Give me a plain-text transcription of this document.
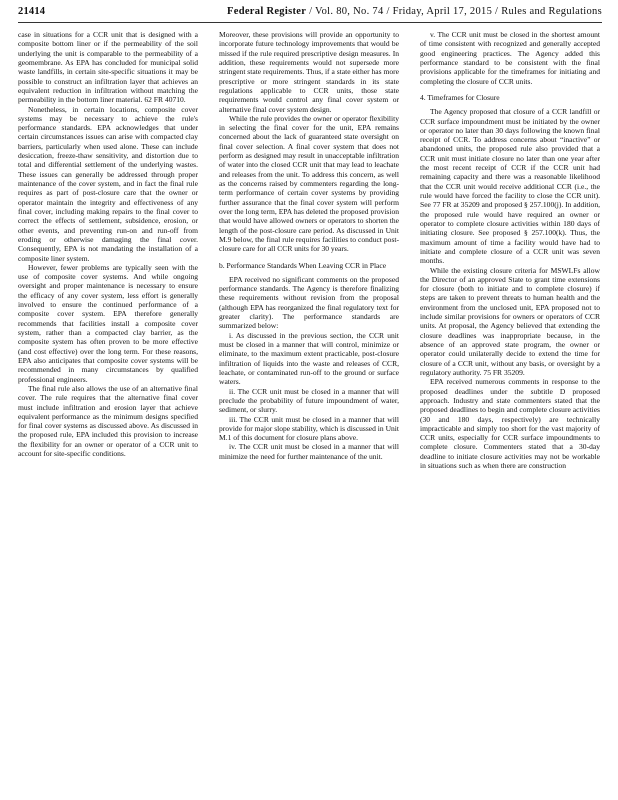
21414	Federal Register / Vol. 80, No. 74 / Friday, April 17, 2015 / Rules and Regulations

case in situations for a CCR unit that is designed with a composite bottom liner or if the permeability of the soil underlying the unit is comparable to the permeability of a geomembrane. As EPA has concluded for municipal solid waste landfills, in certain site-specific situations it may be possible to construct an infiltration layer that achieves an equivalent reduction in infiltration without matching the permeability in the bottom liner material. 62 FR 40710.

Nonetheless, in certain locations, composite cover systems may be necessary to achieve the rule's performance standards. EPA acknowledges that under certain circumstances issues can arise with compacted clay barriers, particularly when used alone. These can include desiccation, freeze-thaw sensitivity, and distortion due to total and differential settlement of the underlying wastes. These issues can generally be addressed through proper maintenance of the cover system, and in fact the final rule requires as part of post-closure care that the owner or operator maintain the integrity and effectiveness of any final cover, including making repairs to the final cover to correct the effects of settlement, subsidence, erosion, or other events, and preventing run-on and run-off from eroding or otherwise damaging the final cover. Consequently, EPA is not mandating the installation of a composite liner system.

However, fewer problems are typically seen with the use of composite cover systems. And while ongoing oversight and proper maintenance is necessary to ensure the efficacy of any cover system, less effort is generally involved to ensure the continued performance of a composite cover system. EPA therefore generally recommends that facilities install a composite cover system, rather than a compacted clay barrier, as the composite system has often proven to be more effective (and cost effective) over the long term. For these reasons, EPA also anticipates that composite cover systems will be recommended in many circumstances by qualified professional engineers.

The final rule also allows the use of an alternative final cover. The rule requires that the alternative final cover must include infiltration and erosion layer that achieve equivalent performance as the minimum designs specified for final cover systems as discussed above. As discussed in the proposed rule, EPA included this provision to increase the flexibility for an owner or operator of a CCR unit to account for site-specific conditions.

Moreover, these provisions will provide an opportunity to incorporate future technology improvements that would be missed if the rule required prescriptive design measures. In addition, these requirements would not supersede more stringent state requirements. Thus, if a state either has more prescriptive or more stringent standards in its state regulations applicable to CCR units, those state requirements would control any final cover system or alternative final cover system design.

While the rule provides the owner or operator flexibility in selecting the final cover for the unit, EPA remains concerned about the lack of guaranteed state oversight on final cover selection. A final cover system that does not perform as designed may result in unacceptable infiltration of water into the closed CCR unit that may lead to leachate and releases from the unit. To address this concern, as well as the concerns raised by commenters regarding the long-term performance of certain cover systems by providing further assurance that the final cover system will perform over the long term, EPA has deleted the proposed provision that would have allowed owners or operators to shorten the length of the post-closure care period. As discussed in Unit M.9 below, the final rule requires facilities to conduct post-closure care for all CCR units for 30 years.

b. Performance Standards When Leaving CCR in Place

EPA received no significant comments on the proposed performance standards. The Agency is therefore finalizing these requirements without revision from the proposal (although EPA has reorganized the final regulatory text for greater clarity). The performance standards are summarized below:

i. As discussed in the previous section, the CCR unit must be closed in a manner that will control, minimize or eliminate, to the maximum extent practicable, post-closure infiltration of liquids into the waste and releases of CCR, leachate, or contaminated run-off to the ground or surface waters.

ii. The CCR unit must be closed in a manner that will preclude the probability of future impoundment of water, sediment, or slurry.

iii. The CCR unit must be closed in a manner that will provide for major slope stability, which is discussed in Unit M.1 of this document for closure plans above.

iv. The CCR unit must be closed in a manner that will minimize the need for further maintenance of the unit.

v. The CCR unit must be closed in the shortest amount of time consistent with recognized and generally accepted good engineering practices. The Agency added this performance standard to be consistent with the final provisions applicable for the timeframes for initiating and completing the closure of CCR units.

4. Timeframes for Closure

The Agency proposed that closure of a CCR landfill or CCR surface impoundment must be initiated by the owner or operator no later than 30 days following the known final receipt of CCR. To address concerns about “inactive” or abandoned units, the proposed rule also provided that a CCR unit must initiate closure no later than one year after the most recent receipt of CCR if the CCR unit had remaining capacity and there was a reasonable likelihood that the CCR unit would receive additional CCR (i.e., the rule would have forced the facility to close the CCR unit). See 77 FR at 35209 and proposed § 257.100(j). In addition, the proposed rule would have required an owner or operator to complete closure activities within 180 days of initiating closure. See proposed § 257.100(k). Thus, the maximum amount of time a facility would have had to initiate and complete closure of a CCR unit was seven months.

While the existing closure criteria for MSWLFs allow the Director of an approved State to grant time extensions for closure (both to initiate and to complete closure) if steps are taken to prevent threats to human health and the environment from the unclosed unit, EPA proposed not to include similar provisions for owners or operators of CCR units. At proposal, the Agency believed that extending the closure deadlines was inappropriate because, in the absence of an approved state program, the owner or operator could unilaterally decide to extend the time for closure of a CCR unit, without any basis, or oversight by a regulatory authority. 75 FR 35209.

EPA received numerous comments in response to the proposed deadlines under the subtitle D proposed approach. Industry and state commenters stated that the proposed deadlines to begin and complete closure activities (30 and 180 days, respectively) are technically impracticable and simply too short for the vast majority of CCR units, especially for CCR surface impoundments to complete closure. Commenters stated that a 30-day deadline to initiate closure activities may not be workable in situations such as when there are construction
